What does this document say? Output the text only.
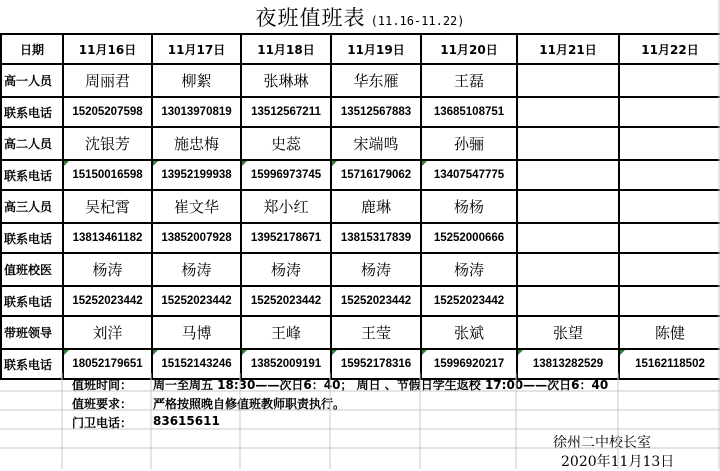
夜班值班表 (11.16-11.22)
日期	11月16日	11月17日	11月18日	11月19日	11月20日	11月21日	11月22日
高一人员	周丽君	柳絮	张琳琳	华东雁	王磊		
联系电话	15205207598	13013970819	13512567211	13512567883	13685108751		
高二人员	沈银芳	施忠梅	史蕊	宋端鸣	孙骊		
联系电话	15150016598	13952199938	15996973745	15716179062	13407547775		
高三人员	吴杞霄	崔文华	郑小红	鹿琳	杨杨		
联系电话	13813461182	13852007928	13952178671	13815317839	15252000666		
值班校医	杨涛	杨涛	杨涛	杨涛	杨涛		
联系电话	15252023442	15252023442	15252023442	15252023442	15252023442		
带班领导	刘洋	马博	王峰	王莹	张斌	张望	陈健
联系电话	18052179651	15152143246	13852009191	15952178316	15996920217	13813282529	15162118502
值班时间： 周一至周五 18:30——次日6：40； 周日 、节假日学生返校 17:00——次日6：40
值班要求： 严格按照晚自修值班教师职责执行。
门卫电话： 83615611
徐州二中校长室
2020年11月13日
